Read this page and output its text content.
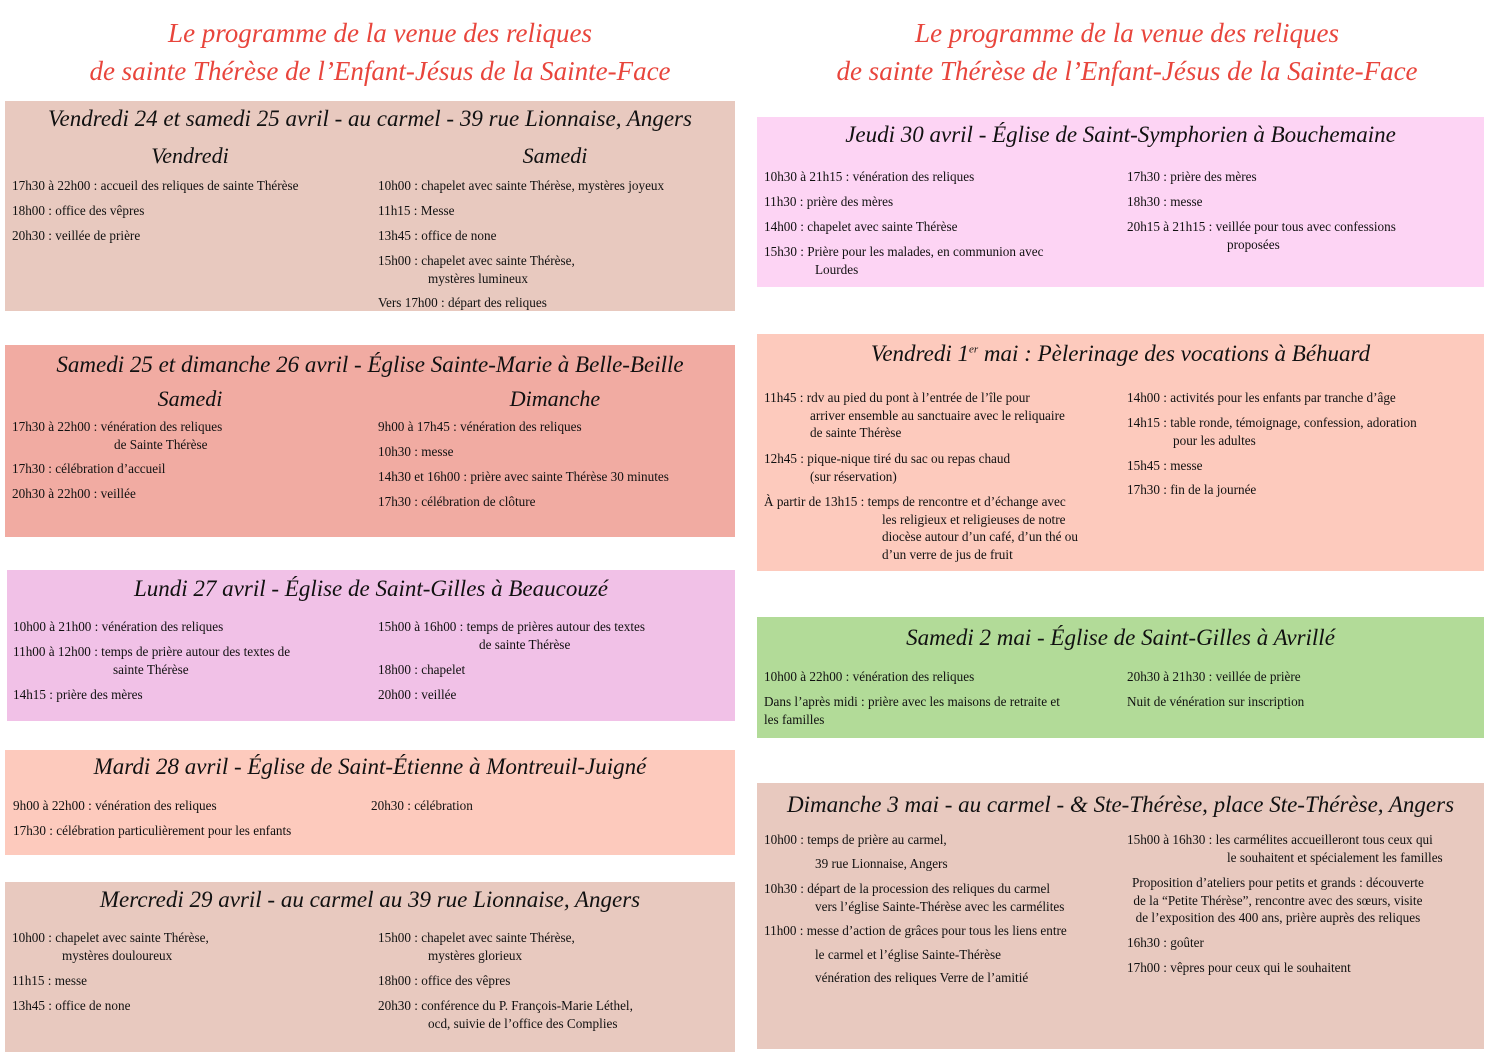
Le programme de la venue des reliques
de sainte Thérèse de l’Enfant-Jésus de la Sainte-Face
Le programme de la venue des reliques
de sainte Thérèse de l’Enfant-Jésus de la Sainte-Face
Vendredi 24 et samedi 25 avril - au carmel - 39 rue Lionnaise, Angers
Vendredi	Samedi
17h30 à 22h00 : accueil des reliques de sainte Thérèse
18h00 : office des vêpres
20h30 : veillée de prière
10h00 : chapelet avec sainte Thérèse, mystères joyeux
11h15 : Messe
13h45 : office de none
15h00 : chapelet avec sainte Thérèse,
mystères lumineux
Vers 17h00 : départ des reliques
Samedi 25 et dimanche 26 avril - Église Sainte-Marie à Belle-Beille
Samedi	Dimanche
17h30 à 22h00 : vénération des reliques
de Sainte Thérèse
17h30 : célébration d’accueil
20h30 à 22h00 : veillée
9h00 à 17h45 : vénération des reliques
10h30 : messe
14h30 et 16h00 : prière avec sainte Thérèse 30 minutes
17h30 : célébration de clôture
Lundi 27 avril - Église de Saint-Gilles à Beaucouzé
10h00 à 21h00 : vénération des reliques
11h00 à 12h00 : temps de prière autour des textes de
sainte Thérèse
14h15 : prière des mères
15h00 à 16h00 : temps de prières autour des textes
de sainte Thérèse
18h00 : chapelet
20h00 : veillée
Mardi 28 avril - Église de Saint-Étienne à Montreuil-Juigné
9h00 à 22h00 : vénération des reliques
17h30 : célébration particulièrement pour les enfants
20h30 : célébration
Mercredi 29 avril - au carmel au 39 rue Lionnaise, Angers
10h00 : chapelet avec sainte Thérèse,
mystères douloureux
11h15 : messe
13h45 : office de none
15h00 : chapelet avec sainte Thérèse,
mystères glorieux
18h00 : office des vêpres
20h30 : conférence du P. François-Marie Léthel,
ocd, suivie de l’office des Complies
Jeudi 30 avril - Église de Saint-Symphorien à Bouchemaine
10h30 à 21h15 : vénération des reliques
11h30 : prière des mères
14h00 : chapelet avec sainte Thérèse
15h30 : Prière pour les malades, en communion avec
Lourdes
17h30 : prière des mères
18h30 : messe
20h15 à 21h15 : veillée pour tous avec confessions
proposées
Vendredi 1er mai : Pèlerinage des vocations à Béhuard
11h45 : rdv au pied du pont à l’entrée de l’île pour
arriver ensemble au sanctuaire avec le reliquaire
de sainte Thérèse
12h45 : pique-nique tiré du sac ou repas chaud
(sur réservation)
À partir de 13h15 : temps de rencontre et d’échange avec
les religieux et religieuses de notre
diocèse autour d’un café, d’un thé ou
d’un verre de jus de fruit
14h00 : activités pour les enfants par tranche d’âge
14h15 : table ronde, témoignage, confession, adoration
pour les adultes
15h45 : messe
17h30 : fin de la journée
Samedi 2 mai - Église de Saint-Gilles à Avrillé
10h00 à 22h00 : vénération des reliques
Dans l’après midi : prière avec les maisons de retraite et
les familles
20h30 à 21h30 : veillée de prière
Nuit de vénération sur inscription
Dimanche 3 mai - au carmel - & Ste-Thérèse, place Ste-Thérèse, Angers
10h00 : temps de prière au carmel,
39 rue Lionnaise, Angers
10h30 : départ de la procession des reliques du carmel
vers l’église Sainte-Thérèse avec les carmélites
11h00 : messe d’action de grâces pour tous les liens entre
le carmel et l’église Sainte-Thérèse
vénération des reliques Verre de l’amitié
15h00 à 16h30 : les carmélites accueilleront tous ceux qui
le souhaitent et spécialement les familles
Proposition d’ateliers pour petits et grands : découverte
de la “Petite Thérèse”, rencontre avec des sœurs, visite
de l’exposition des 400 ans, prière auprès des reliques
16h30 : goûter
17h00 : vêpres pour ceux qui le souhaitent
